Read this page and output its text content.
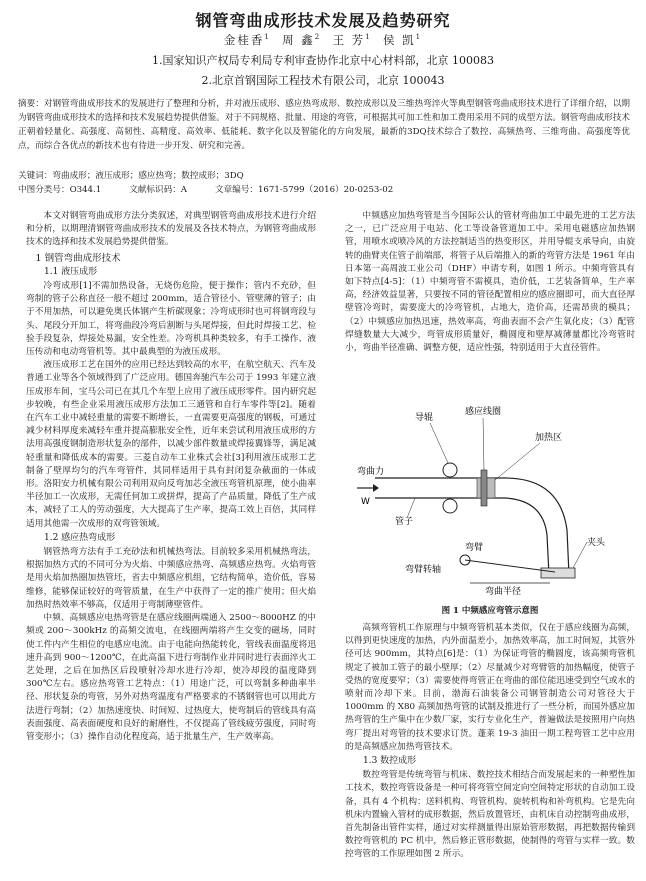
钢管弯曲成形技术发展及趋势研究
金桂香$^1$ 周 鑫$^2$ 王 芳$^1$ 侯 凯$^1$
1.国家知识产权局专利局专利审查协作北京中心材料部，北京 100083
2.北京首钢国际工程技术有限公司，北京 100043
摘要：对钢管弯曲成形技术的发展进行了整理和分析，并对液压成形、感应热弯成形、数控成形以及三维热弯淬火等典型钢管弯曲成形技术进行了详细介绍，以期为钢管弯曲成形技术的选择和技术发展趋势提供借鉴。对于不同规格、批量、用途的弯管，可根据其可加工性和加工费用采用不同的成型方法。钢管弯曲成形技术正朝着轻量化、高强度、高韧性、高精度、高效率、低能耗、数字化以及智能化的方向发展，最新的3DQ技术综合了数控、高频热弯、三维弯曲、高强度等优点，而综合各优点的新技术也有待进一步开发、研究和完善。
关键词：弯曲成形；液压成形；感应热弯；数控成形；3DQ
中图分类号：O344.1	文献标识码：A	文章编号：1671-5799（2016）20-0253-02

本文对钢管弯曲成形方法分类叙述，对典型钢管弯曲成形技术进行介绍和分析，以期理清钢管弯曲成形技术的发展及各技术特点，为钢管弯曲成形技术的选择和技术发展趋势提供借鉴。

1 钢管弯曲成形技术
1.1 液压成形

冷弯成形[1]不需加热设备，无烧伤危险，便于操作；管内不充砂，但弯制的管子公称直径一般不超过 200mm，适合管径小、管壁薄的管子；由于不用加热，可以避免奥氏体钢产生析碳现象；冷弯成形时也可将钢弯段与头、尾段分开加工，将弯曲段冷弯后割断与头尾焊接，但此时焊接工艺、检验手段复杂，焊接处易漏，安全性差。冷弯机具种类较多，有手工操作、液压传动和电动弯管机等。其中最典型的为液压成形。

液压成形工艺在国外的应用已经达到较高的水平，在航空航天、汽车及普通工业等各个领域得到了广泛应用。德国奔驰汽车公司于 1993 年建立液压成形车间，宝马公司已在其几个车型上应用了液压成形零件。国内研究起步较晚，有些企业采用液压成形方法加工三通管和自行车零件等[2]。随着在汽车工业中减轻重量的需要不断增长，一直需要更高强度的钢板，可通过减少材料厚度来减轻车重并提高膨胀安全性，近年来尝试利用液压成形的方法用高强度钢制造形状复杂的部件，以减少部件数量或焊接翼锋等，满足减轻重量和降低成本的需要。三菱自动车工业株式会社[3]利用液压成形工艺制备了壁厚均匀的汽车弯管件，其同样适用于具有封闭复杂截面的一体成形。洛阳安力机械有限公司利用双向反弯加芯全液压弯管机原理，使小曲率半径加工一次成形，无需任何加工或拼焊，提高了产品质量，降低了生产成本，减轻了工人的劳动强度，大大提高了生产率，提高工效上百倍，其同样适用其他需一次成形的双弯管领域。

1.2 感应热弯成形

钢管热弯方法有手工充砂法和机械热弯法。目前较多采用机械热弯法，根据加热方式的不同可分为火焰、中频感应热弯、高频感应热弯。火焰弯管是用火焰加热圈加热管坯，省去中频感应机组，它结构简单，造价低，容易维修，能够保证较好的弯管质量，在生产中获得了一定的推广使用；但火焰加热时热效率不够高，仅适用于弯制薄壁管件。

中频、高频感应电热弯管是在感应线圈两端通入 2500～8000HZ 的中频或 200～300kHz 的高频交流电，在线圈两端将产生交变的磁场，同时使工件内产生相位的电感应电流。由于电能向热能转化，管线表面温度将迅速升高到 900～1200℃，在此高温下进行弯制作业并同时进行表面淬火工艺处理，之后在加热区后段喷射冷却水进行冷却，使冷却段的温度降到 300℃左右。感应热弯管工艺特点：（1）用途广泛，可以弯制多种曲率半径、形状复杂的弯管，另外对热弯温度有严格要求的不锈钢管也可以用此方法进行弯制；（2）加热速度快、时间短、过热度大，使弯制后的管线具有高表面强度、高表面硬度和良好的耐磨性，不仅提高了管线疲劳强度，同时弯管变形小；（3）操作自动化程度高，适于批量生产，生产效率高。

中频感应加热弯管是当今国际公认的管材弯曲加工中最先进的工艺方法之一，已广泛应用于电站、化工等设备管道加工中。采用电磁感应加热钢管，用喷水或喷冷风的方法控制适当的热变形区，并用导辊支承导向，由旋转的曲臂夹住管子前端部，将管子从后端推入的新的弯管方法是 1961 年由日本第一高周波工业公司（DHF）申请专利，如图 1 所示。中频弯管具有如下特点[4-5]：（1）中频弯管不需模具，造价低，工艺装备简单，生产率高，经济效益显著，只要按不同的管径配置相应的感应圈即可，而大直径厚壁管冷弯时，需要庞大的冷弯管机，占地大，造价高，还需昂贵的模具；（2）中频感应加热迅速，热效率高，弯曲表面不会产生氧化皮；（3）配管焊缝数量大大减少，弯管成形质量好，椭圆度和壁厚减薄量都比冷弯管时小，弯曲半径准确、调整方便，适应性强，特别适用于大直径管件。

导辊
感应线圈
加热区
弯曲力
W
管子
夹头
弯臂转轴
弯臂
弯曲半径
图 1 中频感应弯管示意图

高频弯管机工作原理与中频弯管机基本类似，仅在于感应线圈为高频，以得到更快速度的加热，内外面温差小，加热效率高，加工时间短，其管外径可达 900mm，其特点[6]是：（1）为保证弯管的椭圆度，该高频弯管机规定了被加工管子的最小壁厚；（2）尽量减少对弯臂管的加热幅度，使管子受热的宽度要窄；（3）需要使得弯管正在弯曲的部位能迅速受到空气或水的喷射而冷却下来。目前，渤海石油装备公司钢管制造公司对管径大于 1000mm 的 X80 高频加热弯管的试制及推进行了一些分析，而国外感应加热弯管的生产集中在少数厂家，实行专业化生产，普遍做法是按照用户向热弯厂提出对弯管的技术要求订货。蓬莱 19-3 油田一期工程弯管工艺中应用的是高频感应加热弯管技术。

1.3 数控成形

数控弯管是传统弯管与机床、数控技术相结合而发展起来的一种塑性加工技术，数控弯管设备是一种可将弯管空间定向空间特定形状的自动加工设备，具有 4 个机构：送料机构、弯管机构、旋转机构和补弯机构。它是先向机床内置输入管材的成形数据，然后放置管坯，由机床自动控制弯曲成形，首先制备出管件实样，通过对实样测量得出原始管形数据，再把数据传输到数控弯管机的 PC 机中，然后修正管形数据，使制得的弯管与实样一致。数控弯管的工作原理如图 2 所示。
